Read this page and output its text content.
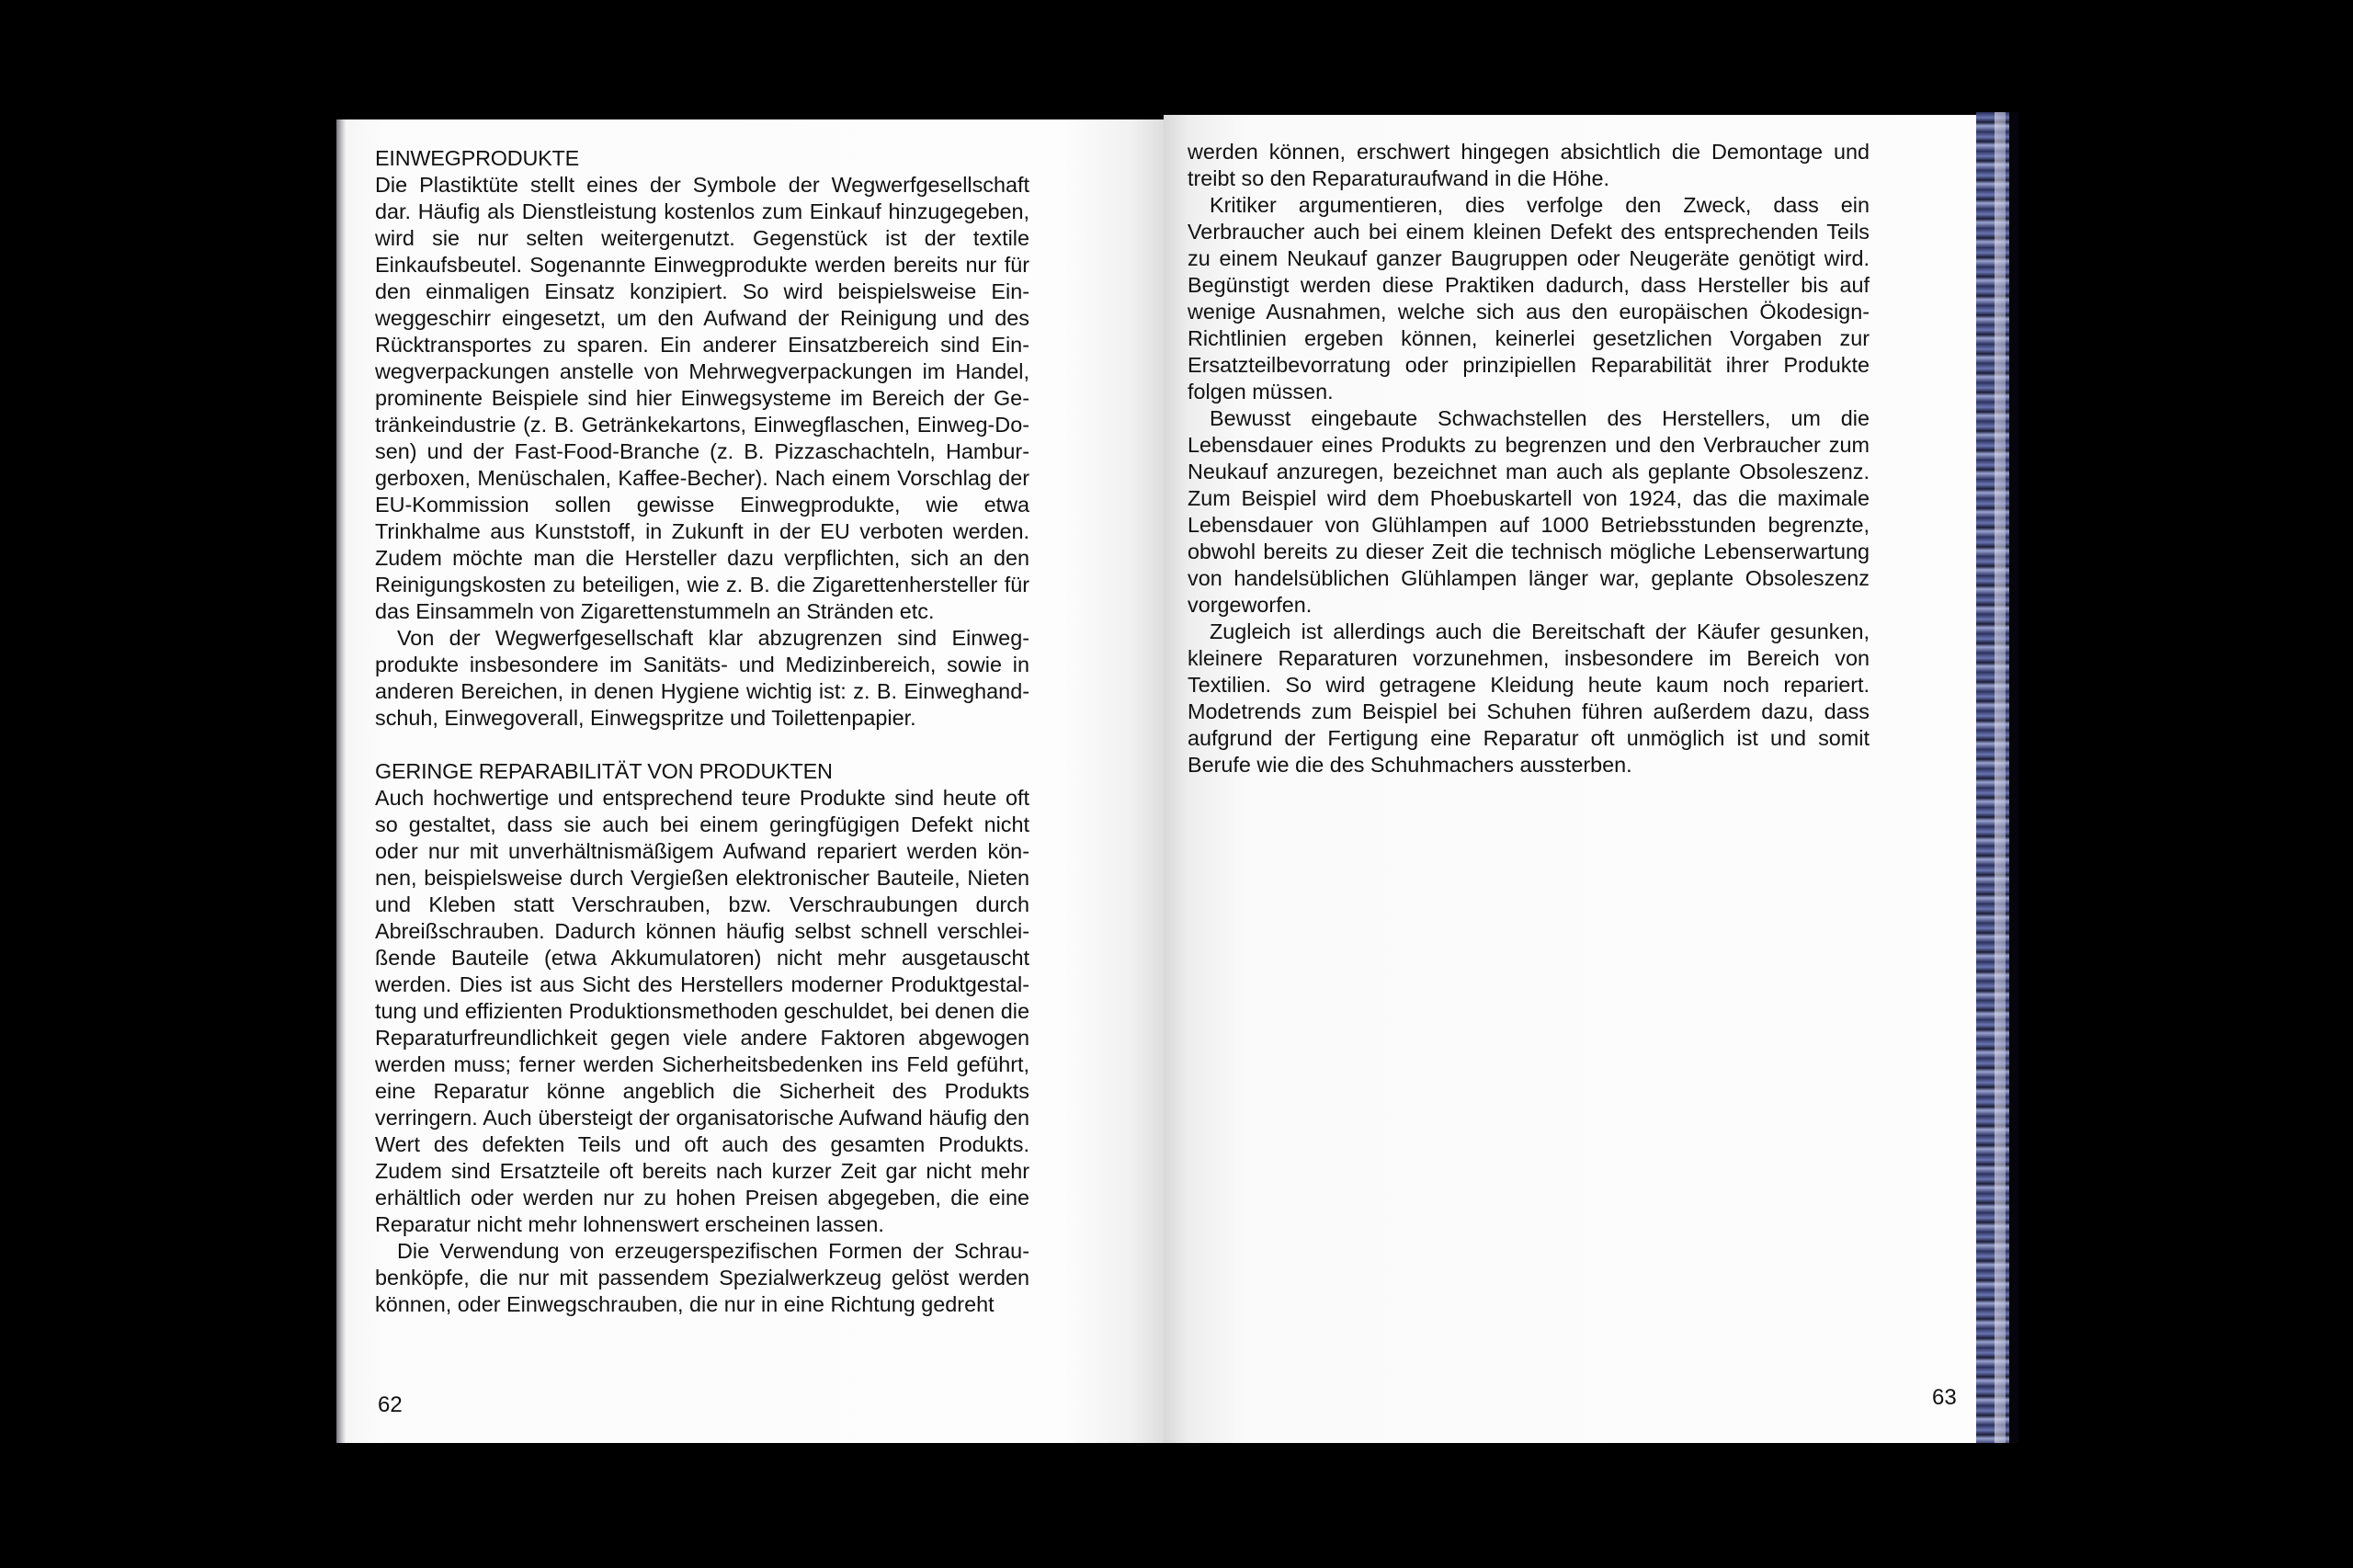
EINWEGPRODUKTE

Die Plastiktüte stellt eines der Symbole der Wegwerfgesellschaft dar. Häufig als Dienstleistung kostenlos zum Einkauf hinzugegeben, wird sie nur selten weitergenutzt. Gegenstück ist der textile Einkaufsbeutel. Sogenannte Einwegprodukte werden bereits nur für den einmaligen Einsatz konzipiert. So wird beispielsweise Einweggeschirr eingesetzt, um den Aufwand der Reinigung und des Rücktransportes zu sparen. Ein anderer Einsatzbereich sind Einwegverpackungen anstelle von Mehrwegverpackungen im Handel, prominente Beispiele sind hier Einwegsysteme im Bereich der Getränkeindustrie (z. B. Getränkekartons, Einwegflaschen, Einweg-Dosen) und der Fast-Food-Branche (z. B. Pizzaschachteln, Hamburgerboxen, Menüschalen, Kaffee-Becher). Nach einem Vorschlag der EU-Kommission sollen gewisse Einwegprodukte, wie etwa Trinkhalme aus Kunststoff, in Zukunft in der EU verboten werden. Zudem möchte man die Hersteller dazu verpflichten, sich an den Reinigungskosten zu beteiligen, wie z. B. die Zigarettenhersteller für das Einsammeln von Zigarettenstummeln an Stränden etc.

Von der Wegwerfgesellschaft klar abzugrenzen sind Einwegprodukte insbesondere im Sanitäts- und Medizinbereich, sowie in anderen Bereichen, in denen Hygiene wichtig ist: z. B. Einweghandschuh, Einwegoverall, Einwegspritze und Toilettenpapier.

GERINGE REPARABILITÄT VON PRODUKTEN

Auch hochwertige und entsprechend teure Produkte sind heute oft so gestaltet, dass sie auch bei einem geringfügigen Defekt nicht oder nur mit unverhältnismäßigem Aufwand repariert werden können, beispielsweise durch Vergießen elektronischer Bauteile, Nieten und Kleben statt Verschrauben, bzw. Verschraubungen durch Abreißschrauben. Dadurch können häufig selbst schnell verschleißende Bauteile (etwa Akkumulatoren) nicht mehr ausgetauscht werden. Dies ist aus Sicht des Herstellers moderner Produktgestaltung und effizienten Produktionsmethoden geschuldet, bei denen die Reparaturfreundlichkeit gegen viele andere Faktoren abgewogen werden muss; ferner werden Sicherheitsbedenken ins Feld geführt, eine Reparatur könne angeblich die Sicherheit des Produkts verringern. Auch übersteigt der organisatorische Aufwand häufig den Wert des defekten Teils und oft auch des gesamten Produkts. Zudem sind Ersatzteile oft bereits nach kurzer Zeit gar nicht mehr erhältlich oder werden nur zu hohen Preisen abgegeben, die eine Reparatur nicht mehr lohnenswert erscheinen lassen.

Die Verwendung von erzeugerspezifischen Formen der Schraubenköpfe, die nur mit passendem Spezialwerkzeug gelöst werden können, oder Einwegschrauben, die nur in eine Richtung gedreht

62

werden können, erschwert hingegen absichtlich die Demontage und treibt so den Reparaturaufwand in die Höhe.

Kritiker argumentieren, dies verfolge den Zweck, dass ein Verbraucher auch bei einem kleinen Defekt des entsprechenden Teils zu einem Neukauf ganzer Baugruppen oder Neugeräte genötigt wird. Begünstigt werden diese Praktiken dadurch, dass Hersteller bis auf wenige Ausnahmen, welche sich aus den europäischen Ökodesign-Richtlinien ergeben können, keinerlei gesetzlichen Vorgaben zur Ersatzteilbevorratung oder prinzipiellen Reparabilität ihrer Produkte folgen müssen.

Bewusst eingebaute Schwachstellen des Herstellers, um die Lebensdauer eines Produkts zu begrenzen und den Verbraucher zum Neukauf anzuregen, bezeichnet man auch als geplante Obsoleszenz. Zum Beispiel wird dem Phoebuskartell von 1924, das die maximale Lebensdauer von Glühlampen auf 1000 Betriebsstunden begrenzte, obwohl bereits zu dieser Zeit die technisch mögliche Lebenserwartung von handelsüblichen Glühlampen länger war, geplante Obsoleszenz vorgeworfen.

Zugleich ist allerdings auch die Bereitschaft der Käufer gesunken, kleinere Reparaturen vorzunehmen, insbesondere im Bereich von Textilien. So wird getragene Kleidung heute kaum noch repariert. Modetrends zum Beispiel bei Schuhen führen außerdem dazu, dass aufgrund der Fertigung eine Reparatur oft unmöglich ist und somit Berufe wie die des Schuhmachers aussterben.

63
